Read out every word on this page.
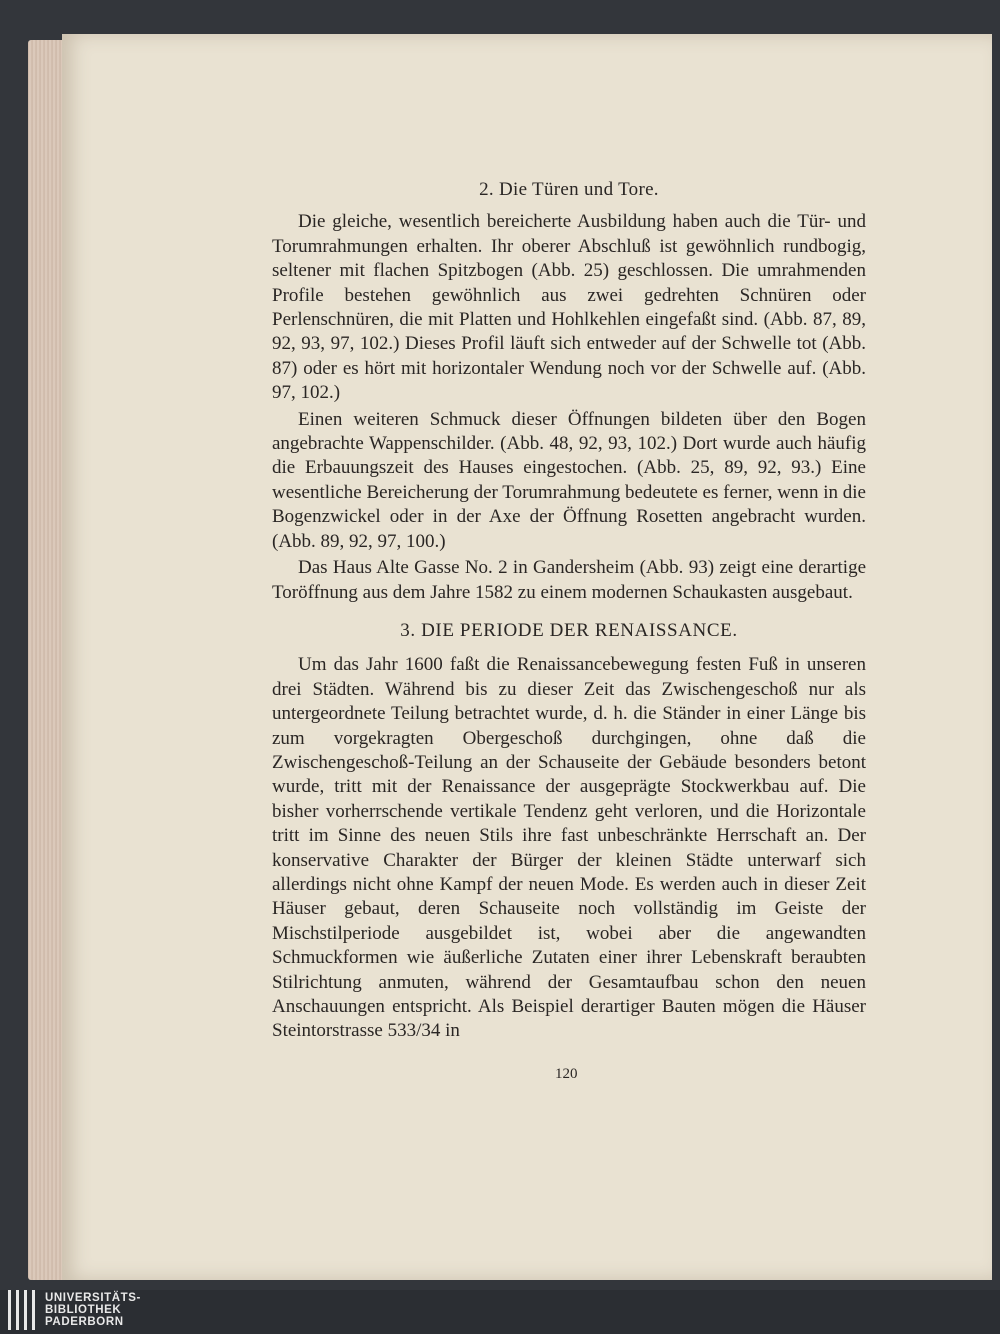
2. Die Türen und Tore.

Die gleiche, wesentlich bereicherte Ausbildung haben auch die Tür- und Torumrahmungen erhalten. Ihr oberer Abschluß ist gewöhnlich rundbogig, seltener mit flachen Spitzbogen (Abb. 25) geschlossen. Die umrahmenden Profile bestehen gewöhnlich aus zwei gedrehten Schnüren oder Perlenschnüren, die mit Platten und Hohlkehlen eingefaßt sind. (Abb. 87, 89, 92, 93, 97, 102.) Dieses Profil läuft sich entweder auf der Schwelle tot (Abb. 87) oder es hört mit horizontaler Wendung noch vor der Schwelle auf. (Abb. 97, 102.)

Einen weiteren Schmuck dieser Öffnungen bildeten über den Bogen angebrachte Wappenschilder. (Abb. 48, 92, 93, 102.) Dort wurde auch häufig die Erbauungszeit des Hauses eingestochen. (Abb. 25, 89, 92, 93.) Eine wesentliche Bereicherung der Torumrahmung bedeutete es ferner, wenn in die Bogenzwickel oder in der Axe der Öffnung Rosetten angebracht wurden. (Abb. 89, 92, 97, 100.)

Das Haus Alte Gasse No. 2 in Gandersheim (Abb. 93) zeigt eine derartige Toröffnung aus dem Jahre 1582 zu einem modernen Schaukasten ausgebaut.

3. DIE PERIODE DER RENAISSANCE.

Um das Jahr 1600 faßt die Renaissancebewegung festen Fuß in unseren drei Städten. Während bis zu dieser Zeit das Zwischengeschoß nur als untergeordnete Teilung betrachtet wurde, d. h. die Ständer in einer Länge bis zum vorgekragten Obergeschoß durchgingen, ohne daß die Zwischengeschoß-Teilung an der Schauseite der Gebäude besonders betont wurde, tritt mit der Renaissance der ausgeprägte Stockwerkbau auf. Die bisher vorherrschende vertikale Tendenz geht verloren, und die Horizontale tritt im Sinne des neuen Stils ihre fast unbeschränkte Herrschaft an. Der konservative Charakter der Bürger der kleinen Städte unterwarf sich allerdings nicht ohne Kampf der neuen Mode. Es werden auch in dieser Zeit Häuser gebaut, deren Schauseite noch vollständig im Geiste der Mischstilperiode ausgebildet ist, wobei aber die angewandten Schmuckformen wie äußerliche Zutaten einer ihrer Lebenskraft beraubten Stilrichtung anmuten, während der Gesamtaufbau schon den neuen Anschauungen entspricht. Als Beispiel derartiger Bauten mögen die Häuser Steintorstrasse 533/34 in

120
UNIVERSITÄTS-
BIBLIOTHEK
PADERBORN
